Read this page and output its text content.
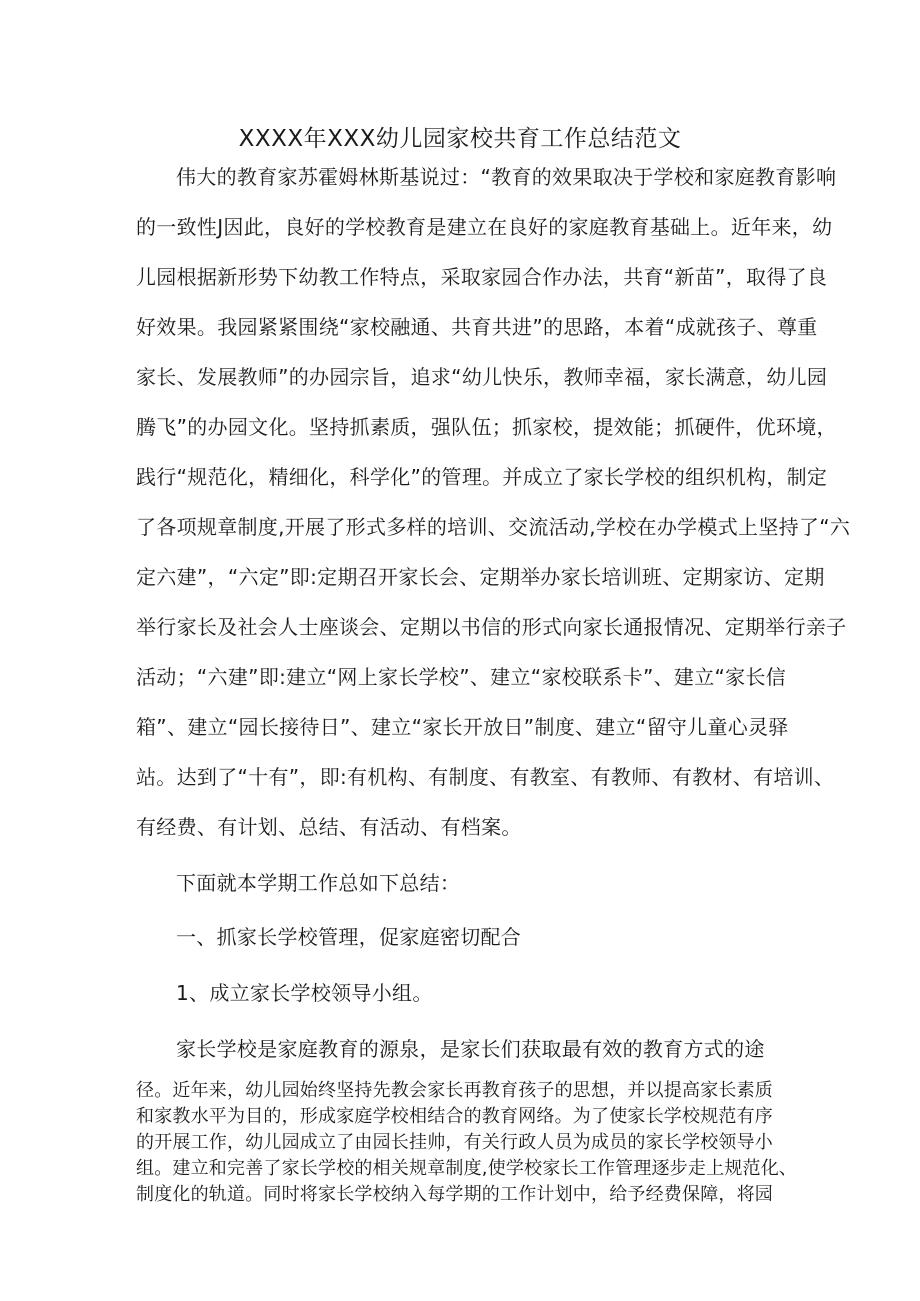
XXXX年XXX幼儿园家校共育工作总结范文
伟大的教育家苏霍姆林斯基说过：“教育的效果取决于学校和家庭教育影响
的一致性J因此，良好的学校教育是建立在良好的家庭教育基础上。近年来，幼
儿园根据新形势下幼教工作特点，采取家园合作办法，共育“新苗”，取得了良
好效果。我园紧紧围绕“家校融通、共育共进”的思路，本着“成就孩子、尊重
家长、发展教师”的办园宗旨，追求“幼儿快乐，教师幸福，家长满意，幼儿园
腾飞”的办园文化。坚持抓素质，强队伍；抓家校，提效能；抓硬件，优环境，
践行“规范化，精细化，科学化”的管理。并成立了家长学校的组织机构，制定
了各项规章制度,开展了形式多样的培训、交流活动,学校在办学模式上坚持了“六
定六建”，“六定”即:定期召开家长会、定期举办家长培训班、定期家访、定期
举行家长及社会人士座谈会、定期以书信的形式向家长通报情况、定期举行亲子
活动；“六建”即:建立“网上家长学校”、建立“家校联系卡”、建立“家长信
箱”、建立“园长接待日”、建立“家长开放日”制度、建立“留守儿童心灵驿
站。达到了“十有”，即:有机构、有制度、有教室、有教师、有教材、有培训、
有经费、有计划、总结、有活动、有档案。
下面就本学期工作总如下总结：
一、抓家长学校管理，促家庭密切配合
1、成立家长学校领导小组。
家长学校是家庭教育的源泉，是家长们获取最有效的教育方式的途
径。近年来，幼儿园始终坚持先教会家长再教育孩子的思想，并以提高家长素质
和家教水平为目的，形成家庭学校相结合的教育网络。为了使家长学校规范有序
的开展工作，幼儿园成立了由园长挂帅，有关行政人员为成员的家长学校领导小
组。建立和完善了家长学校的相关规章制度,使学校家长工作管理逐步走上规范化、
制度化的轨道。同时将家长学校纳入每学期的工作计划中，给予经费保障，将园
